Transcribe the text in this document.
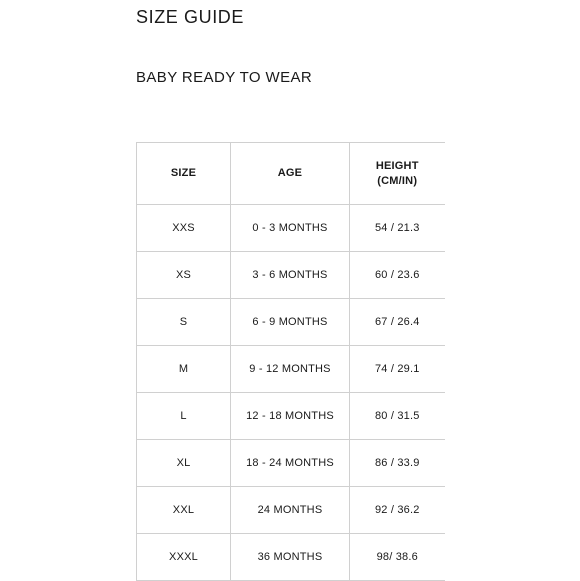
SIZE GUIDE
BABY READY TO WEAR
SIZE	AGE	HEIGHT
(CM/IN)
XXS	0 - 3 MONTHS	54 / 21.3
XS	3 - 6 MONTHS	60 / 23.6
S	6 - 9 MONTHS	67 / 26.4
M	9 - 12 MONTHS	74 / 29.1
L	12 - 18 MONTHS	80 / 31.5
XL	18 - 24 MONTHS	86 / 33.9
XXL	24 MONTHS	92 / 36.2
XXXL	36 MONTHS	98/ 38.6
